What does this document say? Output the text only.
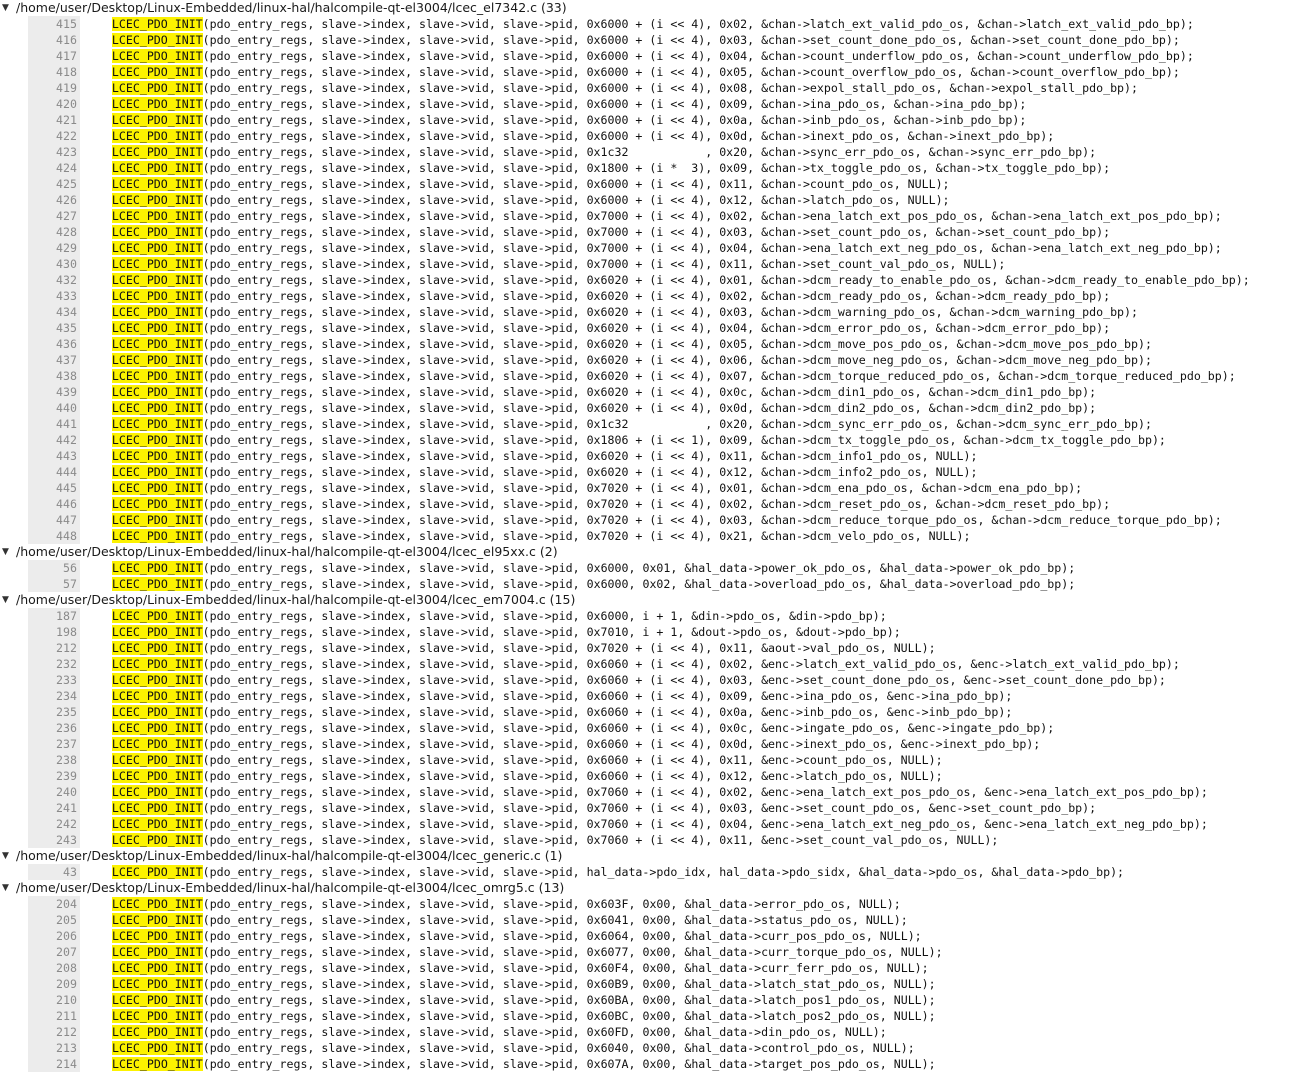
▼ /home/user/Desktop/Linux-Embedded/linux-hal/halcompile-qt-el3004/lcec_el7342.c (33)
415	LCEC_PDO_INIT(pdo_entry_regs, slave->index, slave->vid, slave->pid, 0x6000 + (i << 4), 0x02, &chan->latch_ext_valid_pdo_os, &chan->latch_ext_valid_pdo_bp);
416	LCEC_PDO_INIT(pdo_entry_regs, slave->index, slave->vid, slave->pid, 0x6000 + (i << 4), 0x03, &chan->set_count_done_pdo_os, &chan->set_count_done_pdo_bp);
417	LCEC_PDO_INIT(pdo_entry_regs, slave->index, slave->vid, slave->pid, 0x6000 + (i << 4), 0x04, &chan->count_underflow_pdo_os, &chan->count_underflow_pdo_bp);
418	LCEC_PDO_INIT(pdo_entry_regs, slave->index, slave->vid, slave->pid, 0x6000 + (i << 4), 0x05, &chan->count_overflow_pdo_os, &chan->count_overflow_pdo_bp);
419	LCEC_PDO_INIT(pdo_entry_regs, slave->index, slave->vid, slave->pid, 0x6000 + (i << 4), 0x08, &chan->expol_stall_pdo_os, &chan->expol_stall_pdo_bp);
420	LCEC_PDO_INIT(pdo_entry_regs, slave->index, slave->vid, slave->pid, 0x6000 + (i << 4), 0x09, &chan->ina_pdo_os, &chan->ina_pdo_bp);
421	LCEC_PDO_INIT(pdo_entry_regs, slave->index, slave->vid, slave->pid, 0x6000 + (i << 4), 0x0a, &chan->inb_pdo_os, &chan->inb_pdo_bp);
422	LCEC_PDO_INIT(pdo_entry_regs, slave->index, slave->vid, slave->pid, 0x6000 + (i << 4), 0x0d, &chan->inext_pdo_os, &chan->inext_pdo_bp);
423	LCEC_PDO_INIT(pdo_entry_regs, slave->index, slave->vid, slave->pid, 0x1c32           , 0x20, &chan->sync_err_pdo_os, &chan->sync_err_pdo_bp);
424	LCEC_PDO_INIT(pdo_entry_regs, slave->index, slave->vid, slave->pid, 0x1800 + (i *  3), 0x09, &chan->tx_toggle_pdo_os, &chan->tx_toggle_pdo_bp);
425	LCEC_PDO_INIT(pdo_entry_regs, slave->index, slave->vid, slave->pid, 0x6000 + (i << 4), 0x11, &chan->count_pdo_os, NULL);
426	LCEC_PDO_INIT(pdo_entry_regs, slave->index, slave->vid, slave->pid, 0x6000 + (i << 4), 0x12, &chan->latch_pdo_os, NULL);
427	LCEC_PDO_INIT(pdo_entry_regs, slave->index, slave->vid, slave->pid, 0x7000 + (i << 4), 0x02, &chan->ena_latch_ext_pos_pdo_os, &chan->ena_latch_ext_pos_pdo_bp);
428	LCEC_PDO_INIT(pdo_entry_regs, slave->index, slave->vid, slave->pid, 0x7000 + (i << 4), 0x03, &chan->set_count_pdo_os, &chan->set_count_pdo_bp);
429	LCEC_PDO_INIT(pdo_entry_regs, slave->index, slave->vid, slave->pid, 0x7000 + (i << 4), 0x04, &chan->ena_latch_ext_neg_pdo_os, &chan->ena_latch_ext_neg_pdo_bp);
430	LCEC_PDO_INIT(pdo_entry_regs, slave->index, slave->vid, slave->pid, 0x7000 + (i << 4), 0x11, &chan->set_count_val_pdo_os, NULL);
432	LCEC_PDO_INIT(pdo_entry_regs, slave->index, slave->vid, slave->pid, 0x6020 + (i << 4), 0x01, &chan->dcm_ready_to_enable_pdo_os, &chan->dcm_ready_to_enable_pdo_bp);
433	LCEC_PDO_INIT(pdo_entry_regs, slave->index, slave->vid, slave->pid, 0x6020 + (i << 4), 0x02, &chan->dcm_ready_pdo_os, &chan->dcm_ready_pdo_bp);
434	LCEC_PDO_INIT(pdo_entry_regs, slave->index, slave->vid, slave->pid, 0x6020 + (i << 4), 0x03, &chan->dcm_warning_pdo_os, &chan->dcm_warning_pdo_bp);
435	LCEC_PDO_INIT(pdo_entry_regs, slave->index, slave->vid, slave->pid, 0x6020 + (i << 4), 0x04, &chan->dcm_error_pdo_os, &chan->dcm_error_pdo_bp);
436	LCEC_PDO_INIT(pdo_entry_regs, slave->index, slave->vid, slave->pid, 0x6020 + (i << 4), 0x05, &chan->dcm_move_pos_pdo_os, &chan->dcm_move_pos_pdo_bp);
437	LCEC_PDO_INIT(pdo_entry_regs, slave->index, slave->vid, slave->pid, 0x6020 + (i << 4), 0x06, &chan->dcm_move_neg_pdo_os, &chan->dcm_move_neg_pdo_bp);
438	LCEC_PDO_INIT(pdo_entry_regs, slave->index, slave->vid, slave->pid, 0x6020 + (i << 4), 0x07, &chan->dcm_torque_reduced_pdo_os, &chan->dcm_torque_reduced_pdo_bp);
439	LCEC_PDO_INIT(pdo_entry_regs, slave->index, slave->vid, slave->pid, 0x6020 + (i << 4), 0x0c, &chan->dcm_din1_pdo_os, &chan->dcm_din1_pdo_bp);
440	LCEC_PDO_INIT(pdo_entry_regs, slave->index, slave->vid, slave->pid, 0x6020 + (i << 4), 0x0d, &chan->dcm_din2_pdo_os, &chan->dcm_din2_pdo_bp);
441	LCEC_PDO_INIT(pdo_entry_regs, slave->index, slave->vid, slave->pid, 0x1c32           , 0x20, &chan->dcm_sync_err_pdo_os, &chan->dcm_sync_err_pdo_bp);
442	LCEC_PDO_INIT(pdo_entry_regs, slave->index, slave->vid, slave->pid, 0x1806 + (i << 1), 0x09, &chan->dcm_tx_toggle_pdo_os, &chan->dcm_tx_toggle_pdo_bp);
443	LCEC_PDO_INIT(pdo_entry_regs, slave->index, slave->vid, slave->pid, 0x6020 + (i << 4), 0x11, &chan->dcm_info1_pdo_os, NULL);
444	LCEC_PDO_INIT(pdo_entry_regs, slave->index, slave->vid, slave->pid, 0x6020 + (i << 4), 0x12, &chan->dcm_info2_pdo_os, NULL);
445	LCEC_PDO_INIT(pdo_entry_regs, slave->index, slave->vid, slave->pid, 0x7020 + (i << 4), 0x01, &chan->dcm_ena_pdo_os, &chan->dcm_ena_pdo_bp);
446	LCEC_PDO_INIT(pdo_entry_regs, slave->index, slave->vid, slave->pid, 0x7020 + (i << 4), 0x02, &chan->dcm_reset_pdo_os, &chan->dcm_reset_pdo_bp);
447	LCEC_PDO_INIT(pdo_entry_regs, slave->index, slave->vid, slave->pid, 0x7020 + (i << 4), 0x03, &chan->dcm_reduce_torque_pdo_os, &chan->dcm_reduce_torque_pdo_bp);
448	LCEC_PDO_INIT(pdo_entry_regs, slave->index, slave->vid, slave->pid, 0x7020 + (i << 4), 0x21, &chan->dcm_velo_pdo_os, NULL);
▼ /home/user/Desktop/Linux-Embedded/linux-hal/halcompile-qt-el3004/lcec_el95xx.c (2)
56	LCEC_PDO_INIT(pdo_entry_regs, slave->index, slave->vid, slave->pid, 0x6000, 0x01, &hal_data->power_ok_pdo_os, &hal_data->power_ok_pdo_bp);
57	LCEC_PDO_INIT(pdo_entry_regs, slave->index, slave->vid, slave->pid, 0x6000, 0x02, &hal_data->overload_pdo_os, &hal_data->overload_pdo_bp);
▼ /home/user/Desktop/Linux-Embedded/linux-hal/halcompile-qt-el3004/lcec_em7004.c (15)
187	LCEC_PDO_INIT(pdo_entry_regs, slave->index, slave->vid, slave->pid, 0x6000, i + 1, &din->pdo_os, &din->pdo_bp);
198	LCEC_PDO_INIT(pdo_entry_regs, slave->index, slave->vid, slave->pid, 0x7010, i + 1, &dout->pdo_os, &dout->pdo_bp);
212	LCEC_PDO_INIT(pdo_entry_regs, slave->index, slave->vid, slave->pid, 0x7020 + (i << 4), 0x11, &aout->val_pdo_os, NULL);
232	LCEC_PDO_INIT(pdo_entry_regs, slave->index, slave->vid, slave->pid, 0x6060 + (i << 4), 0x02, &enc->latch_ext_valid_pdo_os, &enc->latch_ext_valid_pdo_bp);
233	LCEC_PDO_INIT(pdo_entry_regs, slave->index, slave->vid, slave->pid, 0x6060 + (i << 4), 0x03, &enc->set_count_done_pdo_os, &enc->set_count_done_pdo_bp);
234	LCEC_PDO_INIT(pdo_entry_regs, slave->index, slave->vid, slave->pid, 0x6060 + (i << 4), 0x09, &enc->ina_pdo_os, &enc->ina_pdo_bp);
235	LCEC_PDO_INIT(pdo_entry_regs, slave->index, slave->vid, slave->pid, 0x6060 + (i << 4), 0x0a, &enc->inb_pdo_os, &enc->inb_pdo_bp);
236	LCEC_PDO_INIT(pdo_entry_regs, slave->index, slave->vid, slave->pid, 0x6060 + (i << 4), 0x0c, &enc->ingate_pdo_os, &enc->ingate_pdo_bp);
237	LCEC_PDO_INIT(pdo_entry_regs, slave->index, slave->vid, slave->pid, 0x6060 + (i << 4), 0x0d, &enc->inext_pdo_os, &enc->inext_pdo_bp);
238	LCEC_PDO_INIT(pdo_entry_regs, slave->index, slave->vid, slave->pid, 0x6060 + (i << 4), 0x11, &enc->count_pdo_os, NULL);
239	LCEC_PDO_INIT(pdo_entry_regs, slave->index, slave->vid, slave->pid, 0x6060 + (i << 4), 0x12, &enc->latch_pdo_os, NULL);
240	LCEC_PDO_INIT(pdo_entry_regs, slave->index, slave->vid, slave->pid, 0x7060 + (i << 4), 0x02, &enc->ena_latch_ext_pos_pdo_os, &enc->ena_latch_ext_pos_pdo_bp);
241	LCEC_PDO_INIT(pdo_entry_regs, slave->index, slave->vid, slave->pid, 0x7060 + (i << 4), 0x03, &enc->set_count_pdo_os, &enc->set_count_pdo_bp);
242	LCEC_PDO_INIT(pdo_entry_regs, slave->index, slave->vid, slave->pid, 0x7060 + (i << 4), 0x04, &enc->ena_latch_ext_neg_pdo_os, &enc->ena_latch_ext_neg_pdo_bp);
243	LCEC_PDO_INIT(pdo_entry_regs, slave->index, slave->vid, slave->pid, 0x7060 + (i << 4), 0x11, &enc->set_count_val_pdo_os, NULL);
▼ /home/user/Desktop/Linux-Embedded/linux-hal/halcompile-qt-el3004/lcec_generic.c (1)
43	LCEC_PDO_INIT(pdo_entry_regs, slave->index, slave->vid, slave->pid, hal_data->pdo_idx, hal_data->pdo_sidx, &hal_data->pdo_os, &hal_data->pdo_bp);
▼ /home/user/Desktop/Linux-Embedded/linux-hal/halcompile-qt-el3004/lcec_omrg5.c (13)
204	LCEC_PDO_INIT(pdo_entry_regs, slave->index, slave->vid, slave->pid, 0x603F, 0x00, &hal_data->error_pdo_os, NULL);
205	LCEC_PDO_INIT(pdo_entry_regs, slave->index, slave->vid, slave->pid, 0x6041, 0x00, &hal_data->status_pdo_os, NULL);
206	LCEC_PDO_INIT(pdo_entry_regs, slave->index, slave->vid, slave->pid, 0x6064, 0x00, &hal_data->curr_pos_pdo_os, NULL);
207	LCEC_PDO_INIT(pdo_entry_regs, slave->index, slave->vid, slave->pid, 0x6077, 0x00, &hal_data->curr_torque_pdo_os, NULL);
208	LCEC_PDO_INIT(pdo_entry_regs, slave->index, slave->vid, slave->pid, 0x60F4, 0x00, &hal_data->curr_ferr_pdo_os, NULL);
209	LCEC_PDO_INIT(pdo_entry_regs, slave->index, slave->vid, slave->pid, 0x60B9, 0x00, &hal_data->latch_stat_pdo_os, NULL);
210	LCEC_PDO_INIT(pdo_entry_regs, slave->index, slave->vid, slave->pid, 0x60BA, 0x00, &hal_data->latch_pos1_pdo_os, NULL);
211	LCEC_PDO_INIT(pdo_entry_regs, slave->index, slave->vid, slave->pid, 0x60BC, 0x00, &hal_data->latch_pos2_pdo_os, NULL);
212	LCEC_PDO_INIT(pdo_entry_regs, slave->index, slave->vid, slave->pid, 0x60FD, 0x00, &hal_data->din_pdo_os, NULL);
213	LCEC_PDO_INIT(pdo_entry_regs, slave->index, slave->vid, slave->pid, 0x6040, 0x00, &hal_data->control_pdo_os, NULL);
214	LCEC_PDO_INIT(pdo_entry_regs, slave->index, slave->vid, slave->pid, 0x607A, 0x00, &hal_data->target_pos_pdo_os, NULL);
